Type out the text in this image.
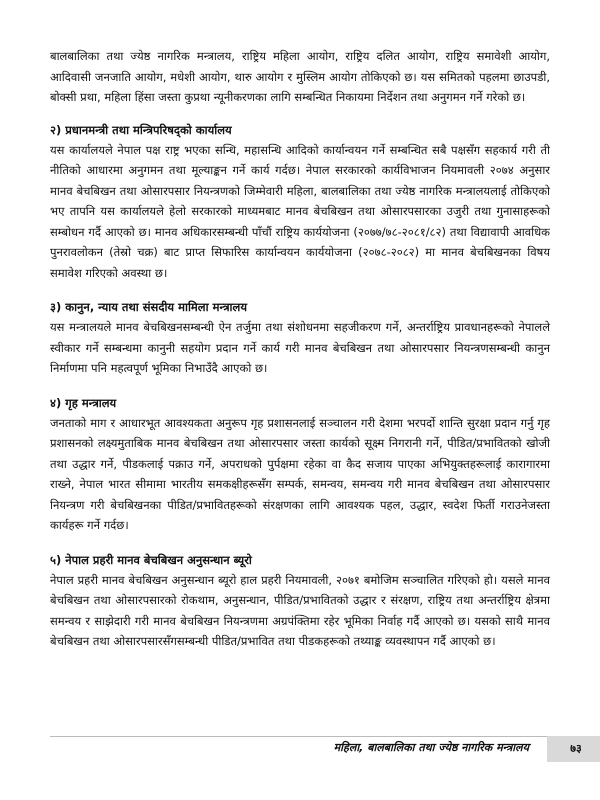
बालबालिका तथा ज्येष्ठ नागरिक मन्त्रालय, राष्ट्रिय महिला आयोग, राष्ट्रिय दलित आयोग, राष्ट्रिय समावेशी आयोग, आदिवासी जनजाति आयोग, मधेशी आयोग, थारु आयोग र मुस्लिम आयोग तोकिएको छ। यस समितको पहलमा छाउपडी, बोक्सी प्रथा, महिला हिंसा जस्ता कुप्रथा न्यूनीकरणका लागि सम्बन्धित निकायमा निर्देशन तथा अनुगमन गर्ने गरेको छ।

२) प्रधानमन्त्री तथा मन्त्रिपरिषद्को कार्यालय

यस कार्यालयले नेपाल पक्ष राष्ट्र भएका सन्धि, महासन्धि आदिको कार्यान्वयन गर्ने सम्बन्धित सबै पक्षसँग सहकार्य गरी ती नीतिको आधारमा अनुगमन तथा मूल्याङ्कन गर्ने कार्य गर्दछ। नेपाल सरकारको कार्यविभाजन नियमावली २०७४ अनुसार मानव बेचबिखन तथा ओसारपसार नियन्त्रणको जिम्मेवारी महिला, बालबालिका तथा ज्येष्ठ नागरिक मन्त्रालयलाई तोकिएको भए तापनि यस कार्यालयले हेलो सरकारको माध्यमबाट मानव बेचबिखन तथा ओसारपसारका उजुरी तथा गुनासाहरूको सम्बोधन गर्दै आएको छ। मानव अधिकारसम्बन्धी पाँचौं राष्ट्रिय कार्ययोजना (२०७७/७८-२०८१/८२) तथा विद्यावापी आवधिक पुनरावलोकन (तेस्रो चक्र) बाट प्राप्त सिफारिस कार्यान्वयन कार्ययोजना (२०७८-२०८२) मा मानव बेचबिखनका विषय समावेश गरिएको अवस्था छ।

३) कानुन, न्याय तथा संसदीय मामिला मन्त्रालय

यस मन्त्रालयले मानव बेचबिखनसम्बन्धी ऐन तर्जुमा तथा संशोधनमा सहजीकरण गर्ने, अन्तर्राष्ट्रिय प्रावधानहरूको नेपालले स्वीकार गर्ने सम्बन्धमा कानुनी सहयोग प्रदान गर्ने कार्य गरी मानव बेचबिखन तथा ओसारपसार नियन्त्रणसम्बन्धी कानुन निर्माणमा पनि महत्वपूर्ण भूमिका निभाउँदै आएको छ।

४) गृह मन्त्रालय

जनताको माग र आधारभूत आवश्यकता अनुरूप गृह प्रशासनलाई सञ्चालन गरी देशमा भरपर्दो शान्ति सुरक्षा प्रदान गर्नु गृह प्रशासनको लक्ष्यमुताबिक मानव बेचबिखन तथा ओसारपसार जस्ता कार्यको सूक्ष्म निगरानी गर्ने, पीडित/प्रभावितको खोजी तथा उद्धार गर्ने, पीडकलाई पक्राउ गर्ने, अपराधको पुर्पक्षमा रहेका वा कैद सजाय पाएका अभियुक्तहरूलाई कारागारमा राख्ने, नेपाल भारत सीमामा भारतीय समकक्षीहरूसँग सम्पर्क, समन्वय, समन्वय गरी मानव बेचबिखन तथा ओसारपसार नियन्त्रण गरी बेचबिखनका पीडित/प्रभावितहरूको संरक्षणका लागि आवश्यक पहल, उद्धार, स्वदेश फिर्ती गराउनेजस्ता कार्यहरू गर्ने गर्दछ।

५) नेपाल प्रहरी मानव बेचबिखन अनुसन्धान ब्यूरो

नेपाल प्रहरी मानव बेचबिखन अनुसन्धान ब्यूरो हाल प्रहरी नियमावली, २०७१ बमोजिम सञ्चालित गरिएको हो। यसले मानव बेचबिखन तथा ओसारपसारको रोकथाम, अनुसन्धान, पीडित/प्रभावितको उद्धार र संरक्षण, राष्ट्रिय तथा अन्तर्राष्ट्रिय क्षेत्रमा समन्वय र साझेदारी गरी मानव बेचबिखन नियन्त्रणमा अग्रपंक्तिमा रहेर भूमिका निर्वाह गर्दै आएको छ। यसको साथै मानव बेचबिखन तथा ओसारपसारसँगसम्बन्धी पीडित/प्रभावित तथा पीडकहरूको तथ्याङ्क व्यवस्थापन गर्दै आएको छ।

महिला, बालबालिका तथा ज्येष्ठ नागरिक मन्त्रालय	७३
